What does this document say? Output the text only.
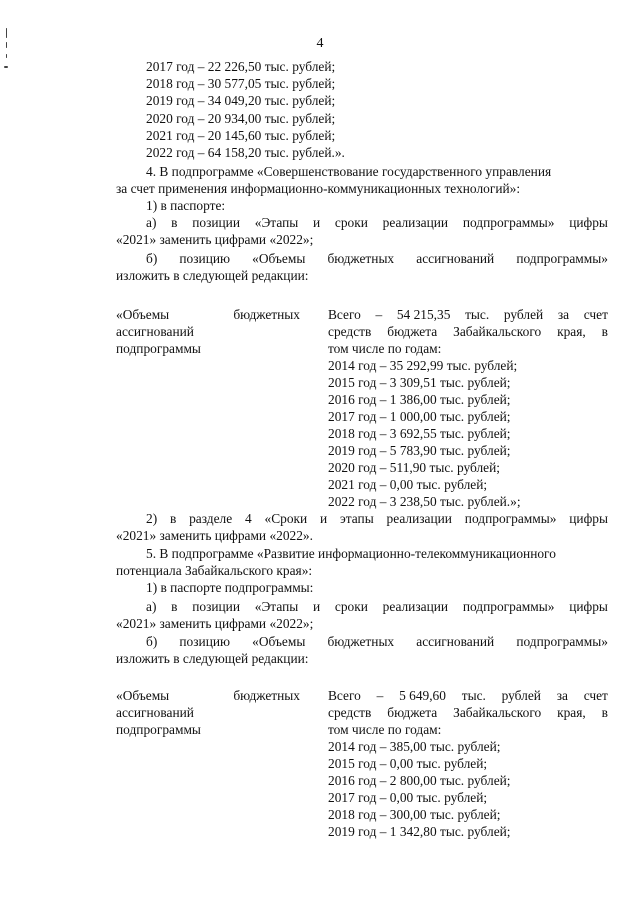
4
2017 год – 22 226,50 тыс. рублей;
2018 год – 30 577,05 тыс. рублей;
2019 год – 34 049,20 тыс. рублей;
2020 год – 20 934,00 тыс. рублей;
2021 год – 20 145,60 тыс. рублей;
2022 год – 64 158,20 тыс. рублей.».
4. В подпрограмме «Совершенствование государственного управления
за счет применения информационно-коммуникационных технологий»:
1) в паспорте:
а) в позиции «Этапы и сроки реализации подпрограммы» цифры
«2021» заменить цифрами «2022»;
б) позицию «Объемы бюджетных ассигнований подпрограммы»
изложить в следующей редакции:
«Объемы	бюджетных
ассигнований
подпрограммы
Всего – 54 215,35 тыс. рублей за счет
средств бюджета Забайкальского края, в
том числе по годам:
2014 год – 35 292,99 тыс. рублей;
2015 год – 3 309,51 тыс. рублей;
2016 год – 1 386,00 тыс. рублей;
2017 год – 1 000,00 тыс. рублей;
2018 год – 3 692,55 тыс. рублей;
2019 год – 5 783,90 тыс. рублей;
2020 год – 511,90 тыс. рублей;
2021 год – 0,00 тыс. рублей;
2022 год – 3 238,50 тыс. рублей.»;
2) в разделе 4 «Сроки и этапы реализации подпрограммы» цифры
«2021» заменить цифрами «2022».
5. В подпрограмме «Развитие информационно-телекоммуникационного
потенциала Забайкальского края»:
1) в паспорте подпрограммы:
а) в позиции «Этапы и сроки реализации подпрограммы» цифры
«2021» заменить цифрами «2022»;
б) позицию «Объемы бюджетных ассигнований подпрограммы»
изложить в следующей редакции:
«Объемы	бюджетных
ассигнований
подпрограммы
Всего – 5 649,60 тыс. рублей за счет
средств бюджета Забайкальского края, в
том числе по годам:
2014 год – 385,00 тыс. рублей;
2015 год – 0,00 тыс. рублей;
2016 год – 2 800,00 тыс. рублей;
2017 год – 0,00 тыс. рублей;
2018 год – 300,00 тыс. рублей;
2019 год – 1 342,80 тыс. рублей;
